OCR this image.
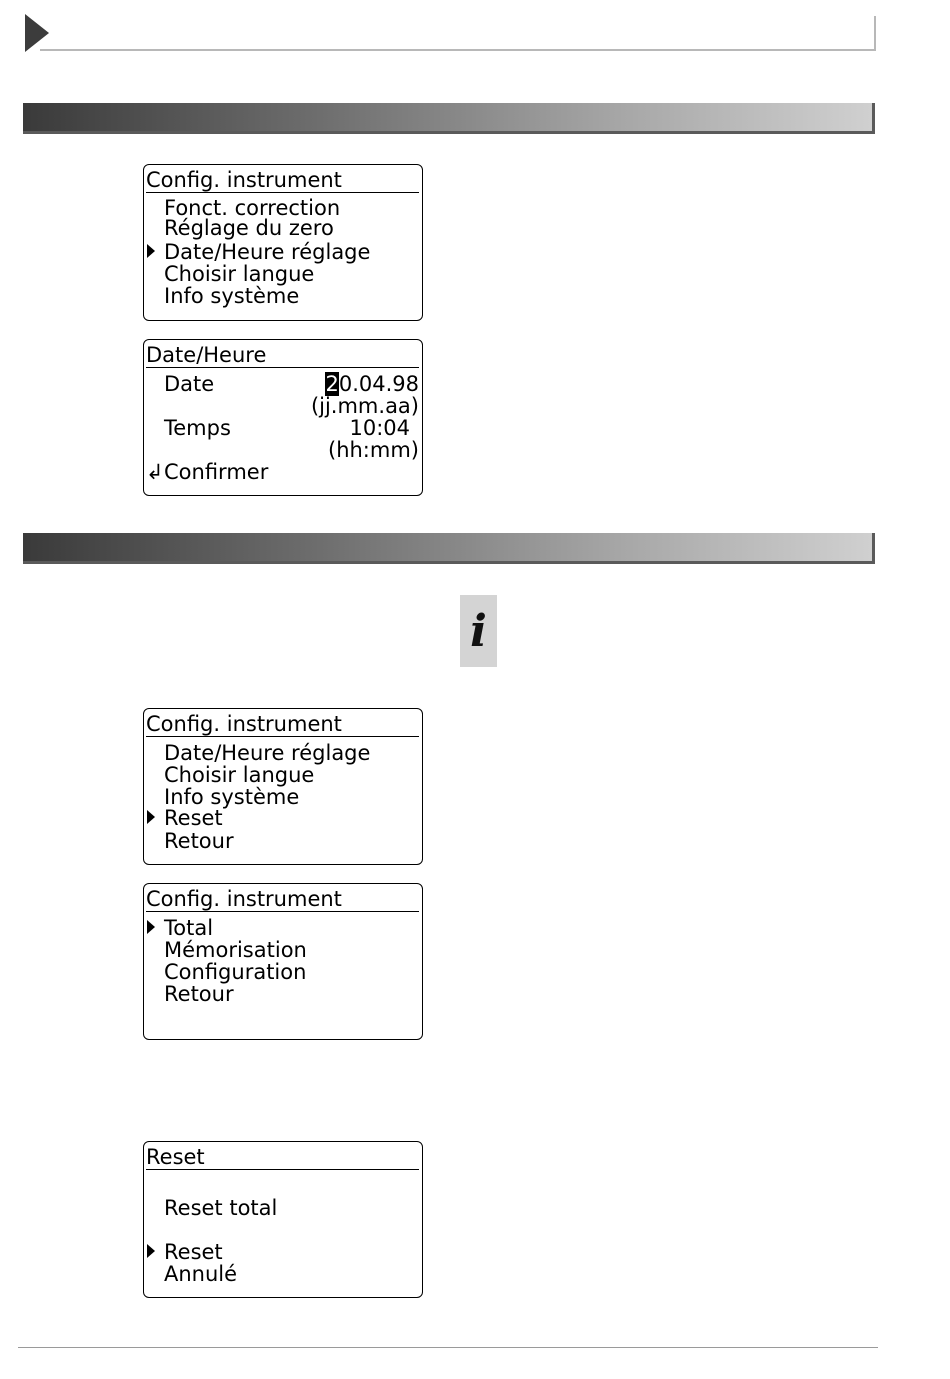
Config. instrument
Fonct. correction
Réglage du zero
Date/Heure réglage
Choisir langue
Info système
Date/Heure
Date	20.04.98
(jj.mm.aa)
Temps	10:04
(hh:mm)
↲ Confirmer
i
Config. instrument
Date/Heure réglage
Choisir langue
Info système
Reset
Retour
Config. instrument
Total
Mémorisation
Configuration
Retour
Reset
Reset total
Reset
Annulé
